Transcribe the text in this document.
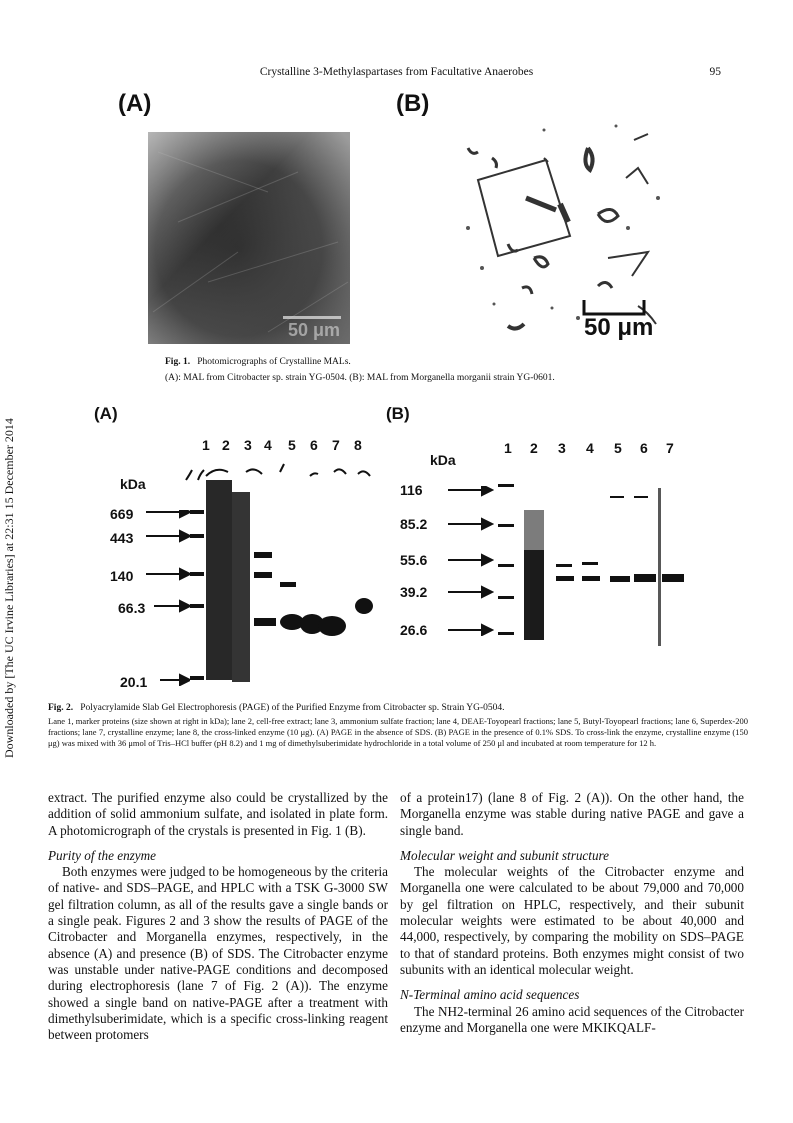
Crystalline 3-Methylaspartases from Facultative Anaerobes	95
Downloaded by [The UC Irvine Libraries] at 22:31 15 December 2014
(A)	(B)
50 μm	50 μm
Fig. 1. Photomicrographs of Crystalline MALs.
(A): MAL from Citrobacter sp. strain YG-0504. (B): MAL from Morganella morganii strain YG-0601.
(A)	(B)
1 2 3 4 5 6 7 8
kDa
669
443
140
66.3
20.1
1 2 3 4 5 6 7
kDa
116
85.2
55.6
39.2
26.6
Fig. 2. Polyacrylamide Slab Gel Electrophoresis (PAGE) of the Purified Enzyme from Citrobacter sp. Strain YG-0504.
Lane 1, marker proteins (size shown at right in kDa); lane 2, cell-free extract; lane 3, ammonium sulfate fraction; lane 4, DEAE-Toyopearl fractions; lane 5, Butyl-Toyopearl fractions; lane 6, Superdex-200 fractions; lane 7, crystalline enzyme; lane 8, the cross-linked enzyme (10 μg). (A) PAGE in the absence of SDS. (B) PAGE in the presence of 0.1% SDS. To cross-link the enzyme, crystalline enzyme (150 μg) was mixed with 36 μmol of Tris–HCl buffer (pH 8.2) and 1 mg of dimethylsuberimidate hydrochloride in a total volume of 250 μl and incubated at room temperature for 12 h.

extract. The purified enzyme also could be crystallized by the addition of solid ammonium sulfate, and isolated in plate form. A photomicrograph of the crystals is presented in Fig. 1 (B).

Purity of the enzyme

Both enzymes were judged to be homogeneous by the criteria of native- and SDS–PAGE, and HPLC with a TSK G-3000 SW gel filtration column, as all of the results gave a single bands or a single peak. Figures 2 and 3 show the results of PAGE of the Citrobacter and Morganella enzymes, respectively, in the absence (A) and presence (B) of SDS. The Citrobacter enzyme was unstable under native-PAGE conditions and decomposed during electrophoresis (lane 7 of Fig. 2 (A)). The enzyme showed a single band on native-PAGE after a treatment with dimethylsuberimidate, which is a specific cross-linking reagent between protomers

of a protein17) (lane 8 of Fig. 2 (A)). On the other hand, the Morganella enzyme was stable during native PAGE and gave a single band.

Molecular weight and subunit structure

The molecular weights of the Citrobacter enzyme and Morganella one were calculated to be about 79,000 and 70,000 by gel filtration on HPLC, respectively, and their subunit molecular weights were estimated to be about 40,000 and 44,000, respectively, by comparing the mobility on SDS–PAGE to that of standard proteins. Both enzymes might consist of two subunits with an identical molecular weight.

N-Terminal amino acid sequences

The NH2-terminal 26 amino acid sequences of the Citrobacter enzyme and Morganella one were MKIKQALF-
